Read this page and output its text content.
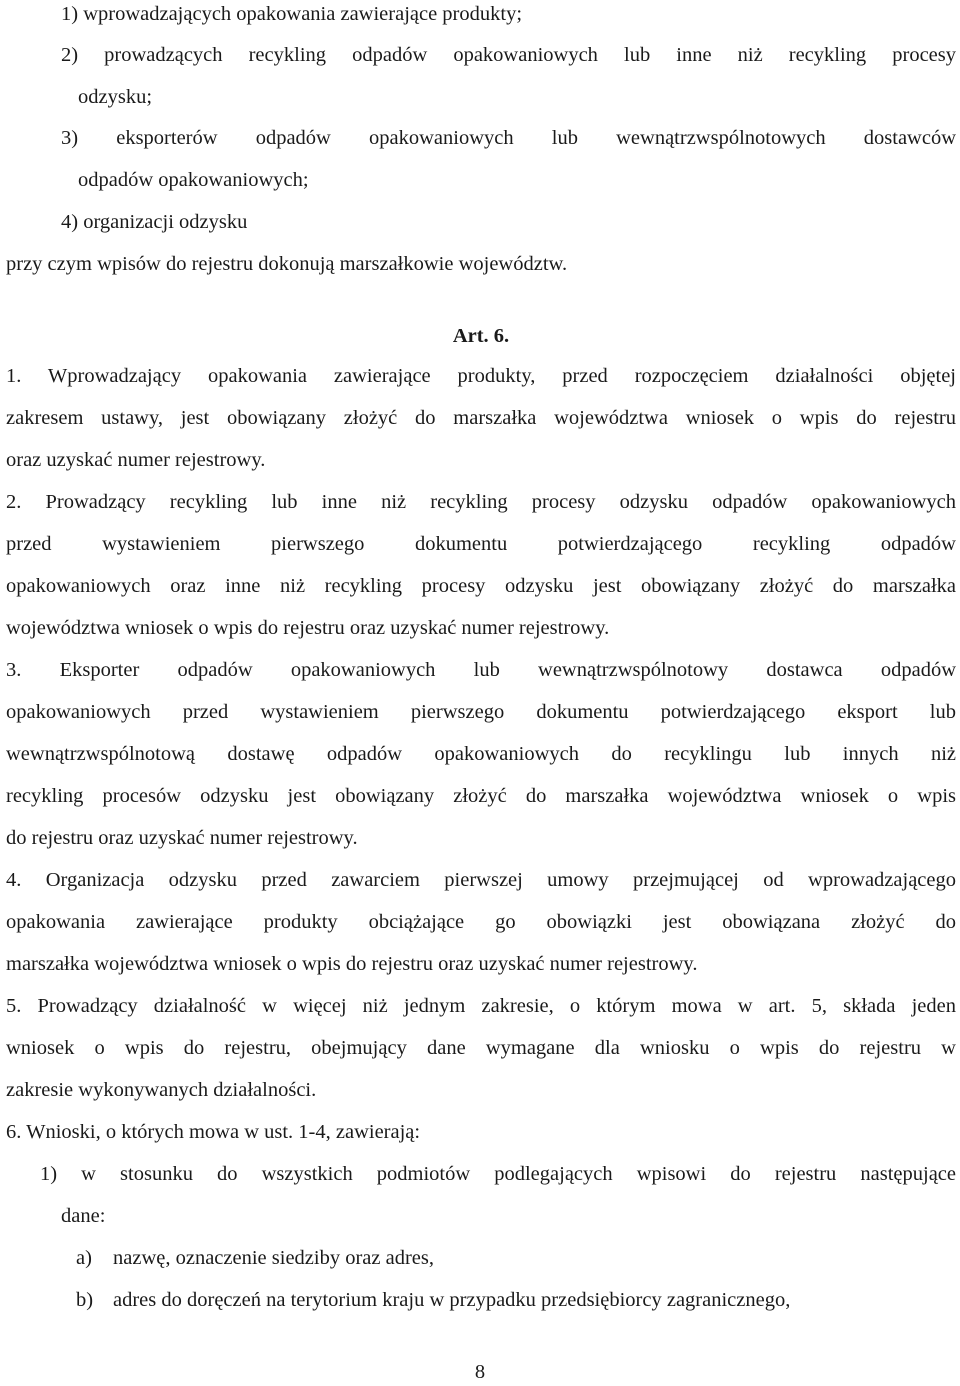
1) wprowadzających opakowania zawierające produkty;
2) prowadzących recykling odpadów opakowaniowych lub inne niż recykling procesy
odzysku;
3) eksporterów odpadów opakowaniowych lub wewnątrzwspólnotowych dostawców
odpadów opakowaniowych;
4) organizacji odzysku
przy czym wpisów do rejestru dokonują marszałkowie województw.
Art. 6.
1. Wprowadzający opakowania zawierające produkty, przed rozpoczęciem działalności objętej
zakresem ustawy, jest obowiązany złożyć do marszałka województwa wniosek o wpis do rejestru
oraz uzyskać numer rejestrowy.
2. Prowadzący recykling lub inne niż recykling procesy odzysku odpadów opakowaniowych
przed wystawieniem pierwszego dokumentu potwierdzającego recykling odpadów
opakowaniowych oraz inne niż recykling procesy odzysku jest obowiązany złożyć do marszałka
województwa wniosek o wpis do rejestru oraz uzyskać numer rejestrowy.
3. Eksporter odpadów opakowaniowych lub wewnątrzwspólnotowy dostawca odpadów
opakowaniowych przed wystawieniem pierwszego dokumentu potwierdzającego eksport lub
wewnątrzwspólnotową dostawę odpadów opakowaniowych do recyklingu lub innych niż
recykling procesów odzysku jest obowiązany złożyć do marszałka województwa wniosek o wpis
do rejestru oraz uzyskać numer rejestrowy.
4. Organizacja odzysku przed zawarciem pierwszej umowy przejmującej od wprowadzającego
opakowania zawierające produkty obciążające go obowiązki jest obowiązana złożyć do
marszałka województwa wniosek o wpis do rejestru oraz uzyskać numer rejestrowy.
5. Prowadzący działalność w więcej niż jednym zakresie, o którym mowa w art. 5, składa jeden
wniosek o wpis do rejestru, obejmujący dane wymagane dla wniosku o wpis do rejestru w
zakresie wykonywanych działalności.
6. Wnioski, o których mowa w ust. 1-4, zawierają:
1) w stosunku do wszystkich podmiotów podlegających wpisowi do rejestru następujące
dane:
a)	nazwę, oznaczenie siedziby oraz adres,
b) adres do doręczeń na terytorium kraju w przypadku przedsiębiorcy zagranicznego,
8
